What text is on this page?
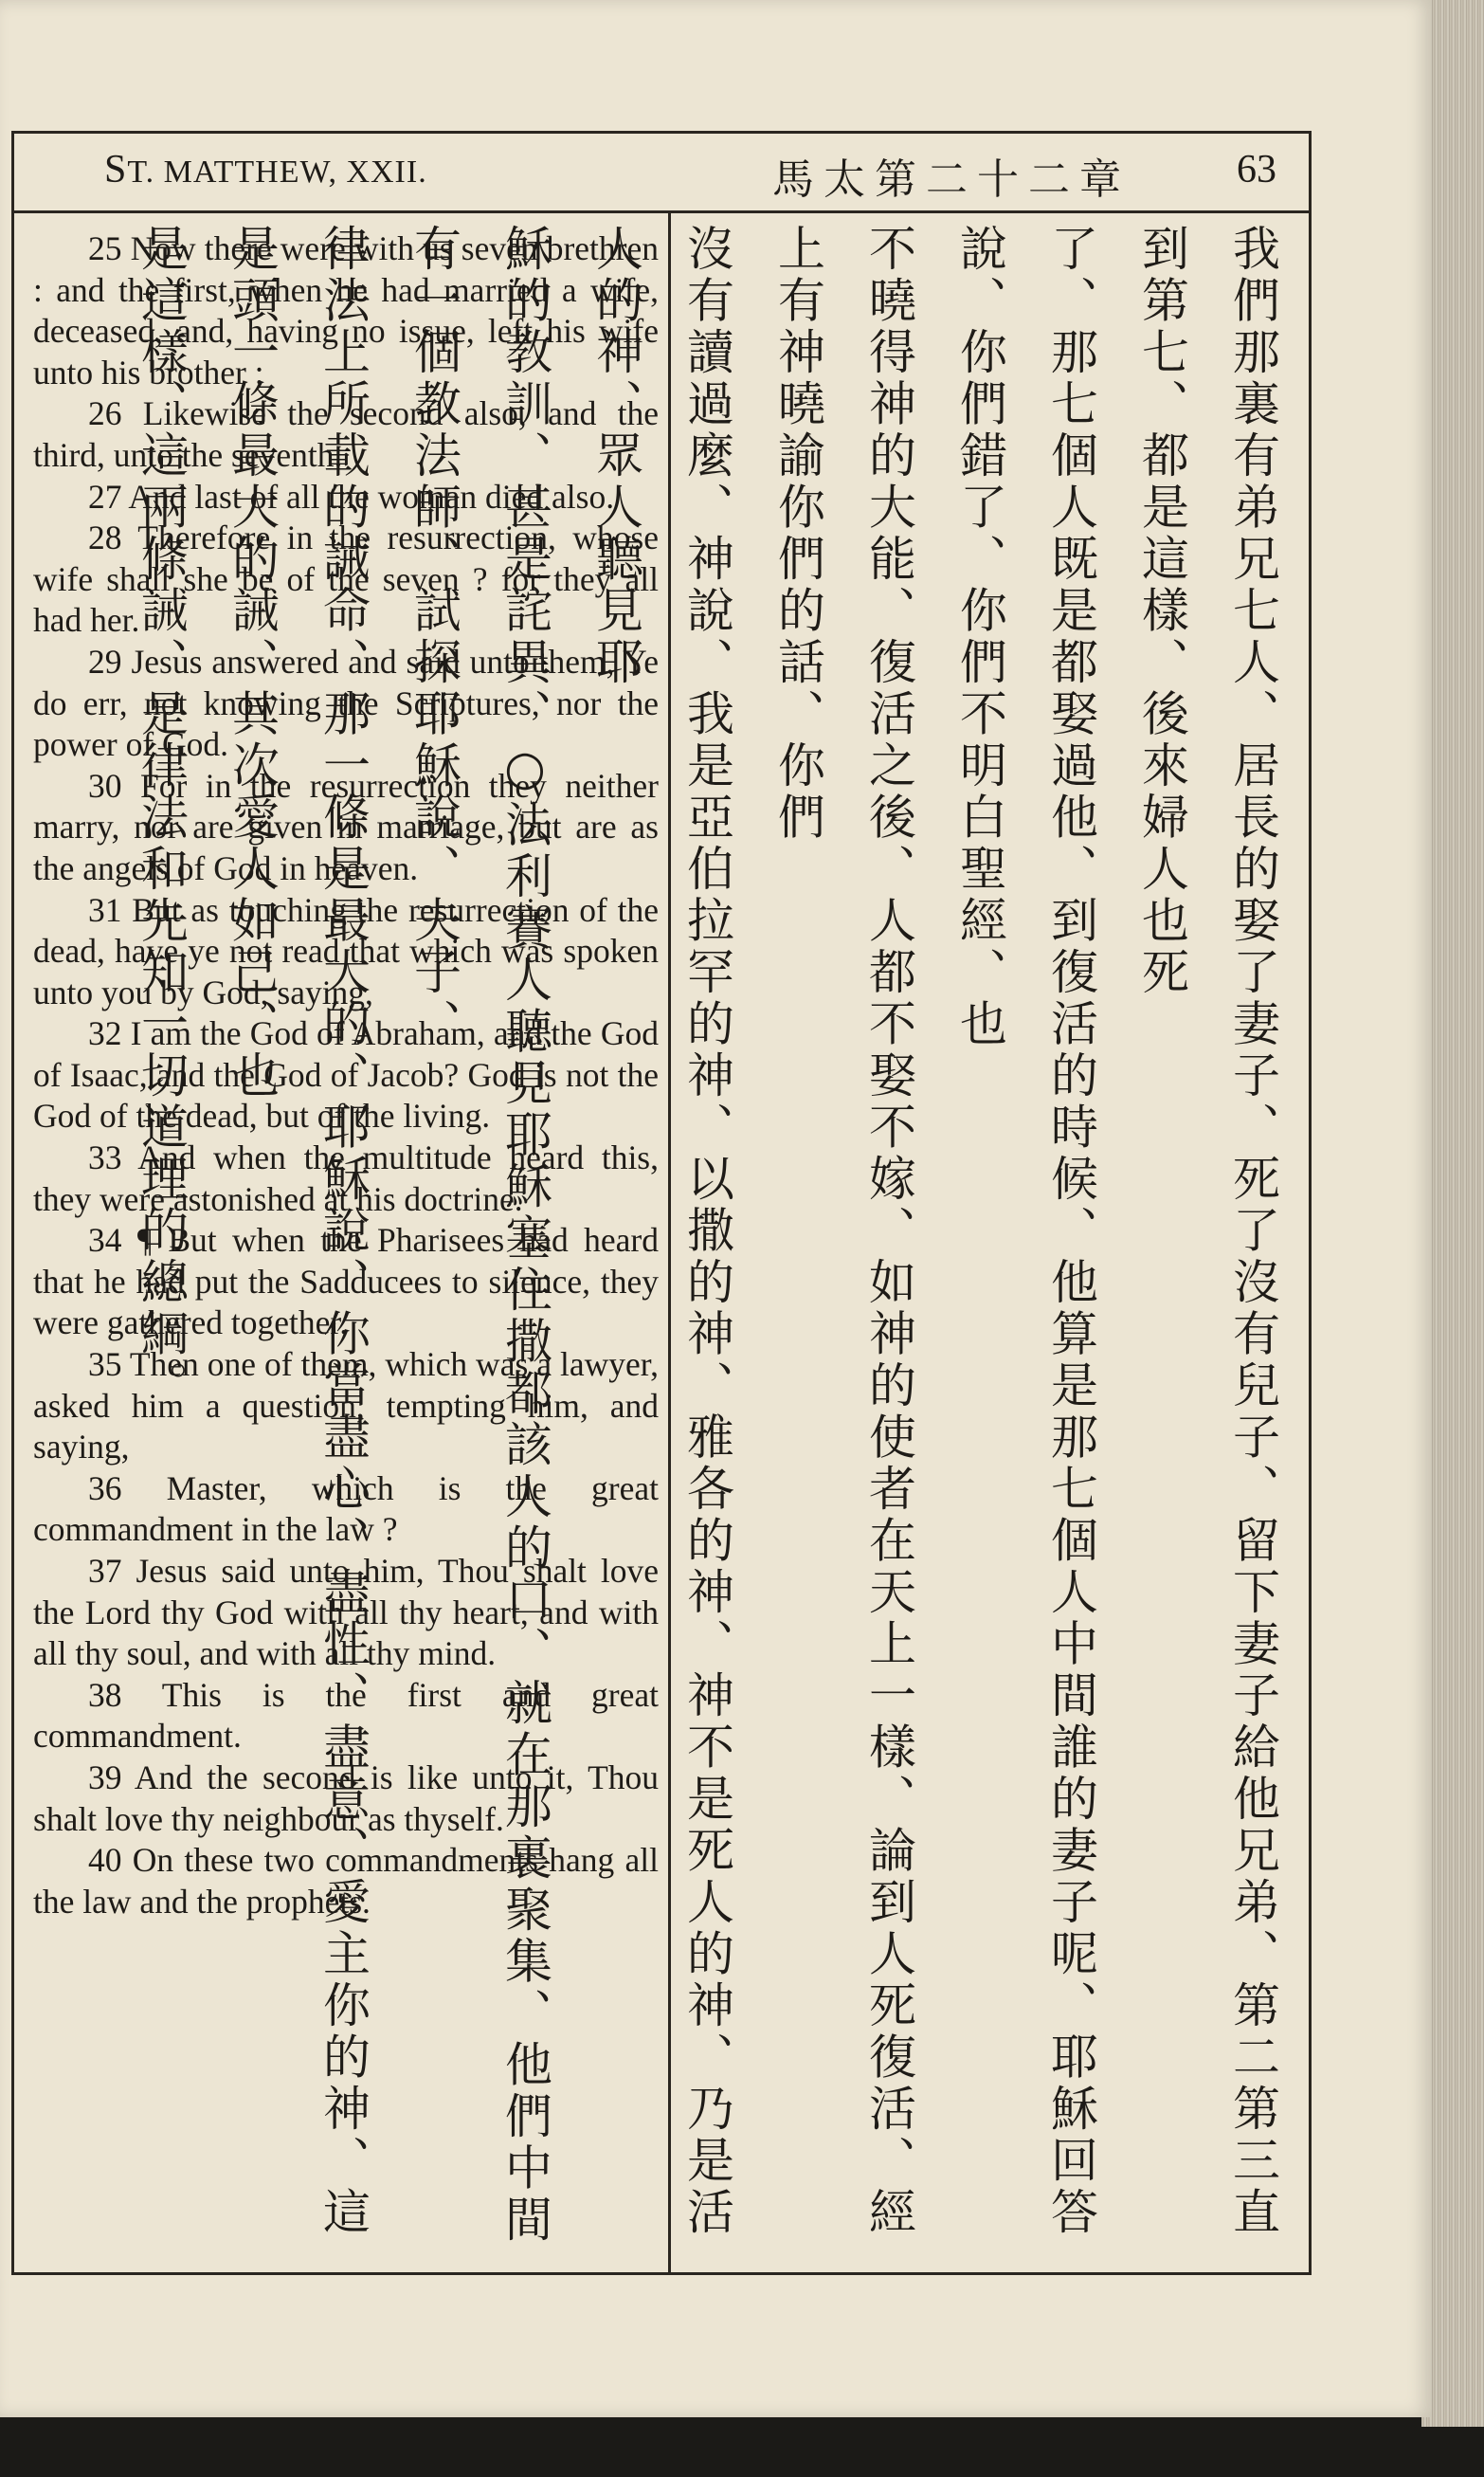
ST. MATTHEW, XXII.	馬太第二十二章	63

25 Now there were with us seven brethren : and the first, when he had married a wife, deceased, and, having no issue, left his wife unto his brother :

26 Likewise the second also, and the third, unto the seventh.

27 And last of all the woman died also.

28 Therefore in the resurrection, whose wife shall she be of the seven ? for they all had her.

29 Jesus answered and said unto them, Ye do err, not knowing the Scriptures, nor the power of God.

30 For in the resurrection they neither marry, nor are given in marriage, but are as the angels of God in heaven.

31 But as touching the resurrection of the dead, have ye not read that which was spoken unto you by God, saying,

32 I am the God of Abraham, and the God of Isaac, and the God of Jacob? God is not the God of the dead, but of the living.

33 And when the multitude heard this, they were astonished at his doctrine.

34 ¶ But when the Pharisees had heard that he had put the Sadducees to silence, they were gathered together.

35 Then one of them, which was a lawyer, asked him a question, tempting him, and saying,

36 Master, which is the great commandment in the law ?

37 Jesus said unto him, Thou shalt love the Lord thy God with all thy heart, and with all thy soul, and with all thy mind.

38 This is the first and great commandment.

39 And the second is like unto it, Thou shalt love thy neighbour as thyself.

40 On these two commandments hang all the law and the prophets.	我們那裏有弟兄七人、居長的娶了妻子、死了沒有兒子、留下妻子給他兄弟、第二第三直到第七、都是這樣、後來婦人也死

了、那七個人既是都娶過他、到復活的時候、他算是那七個人中間誰的妻子呢、耶穌回答說、你們錯了、你們不明白聖經、也

不曉得神的大能、復活之後、人都不娶不嫁、如神的使者在天上一樣、論到人死復活、經上有神曉諭你們的話、你們

沒有讀過麼、神說、我是亞伯拉罕的神、以撒的神、雅各的神、神不是死人的神、乃是活人的神、眾人聽見耶

穌的教訓、甚是詫異、○法利賽人聽見耶穌塞住撒都該人的口、就在那裏聚集、他們中間有一個教法師、試探耶穌說、夫子、

律法上所載的誡命、那一條是最大的、耶穌說、你當盡心、盡性、盡意、愛主你的神、這是頭一條最大的誡、其次愛人如己、也

是這樣、這兩條誡、是律法和先知一切道理的總綱。
